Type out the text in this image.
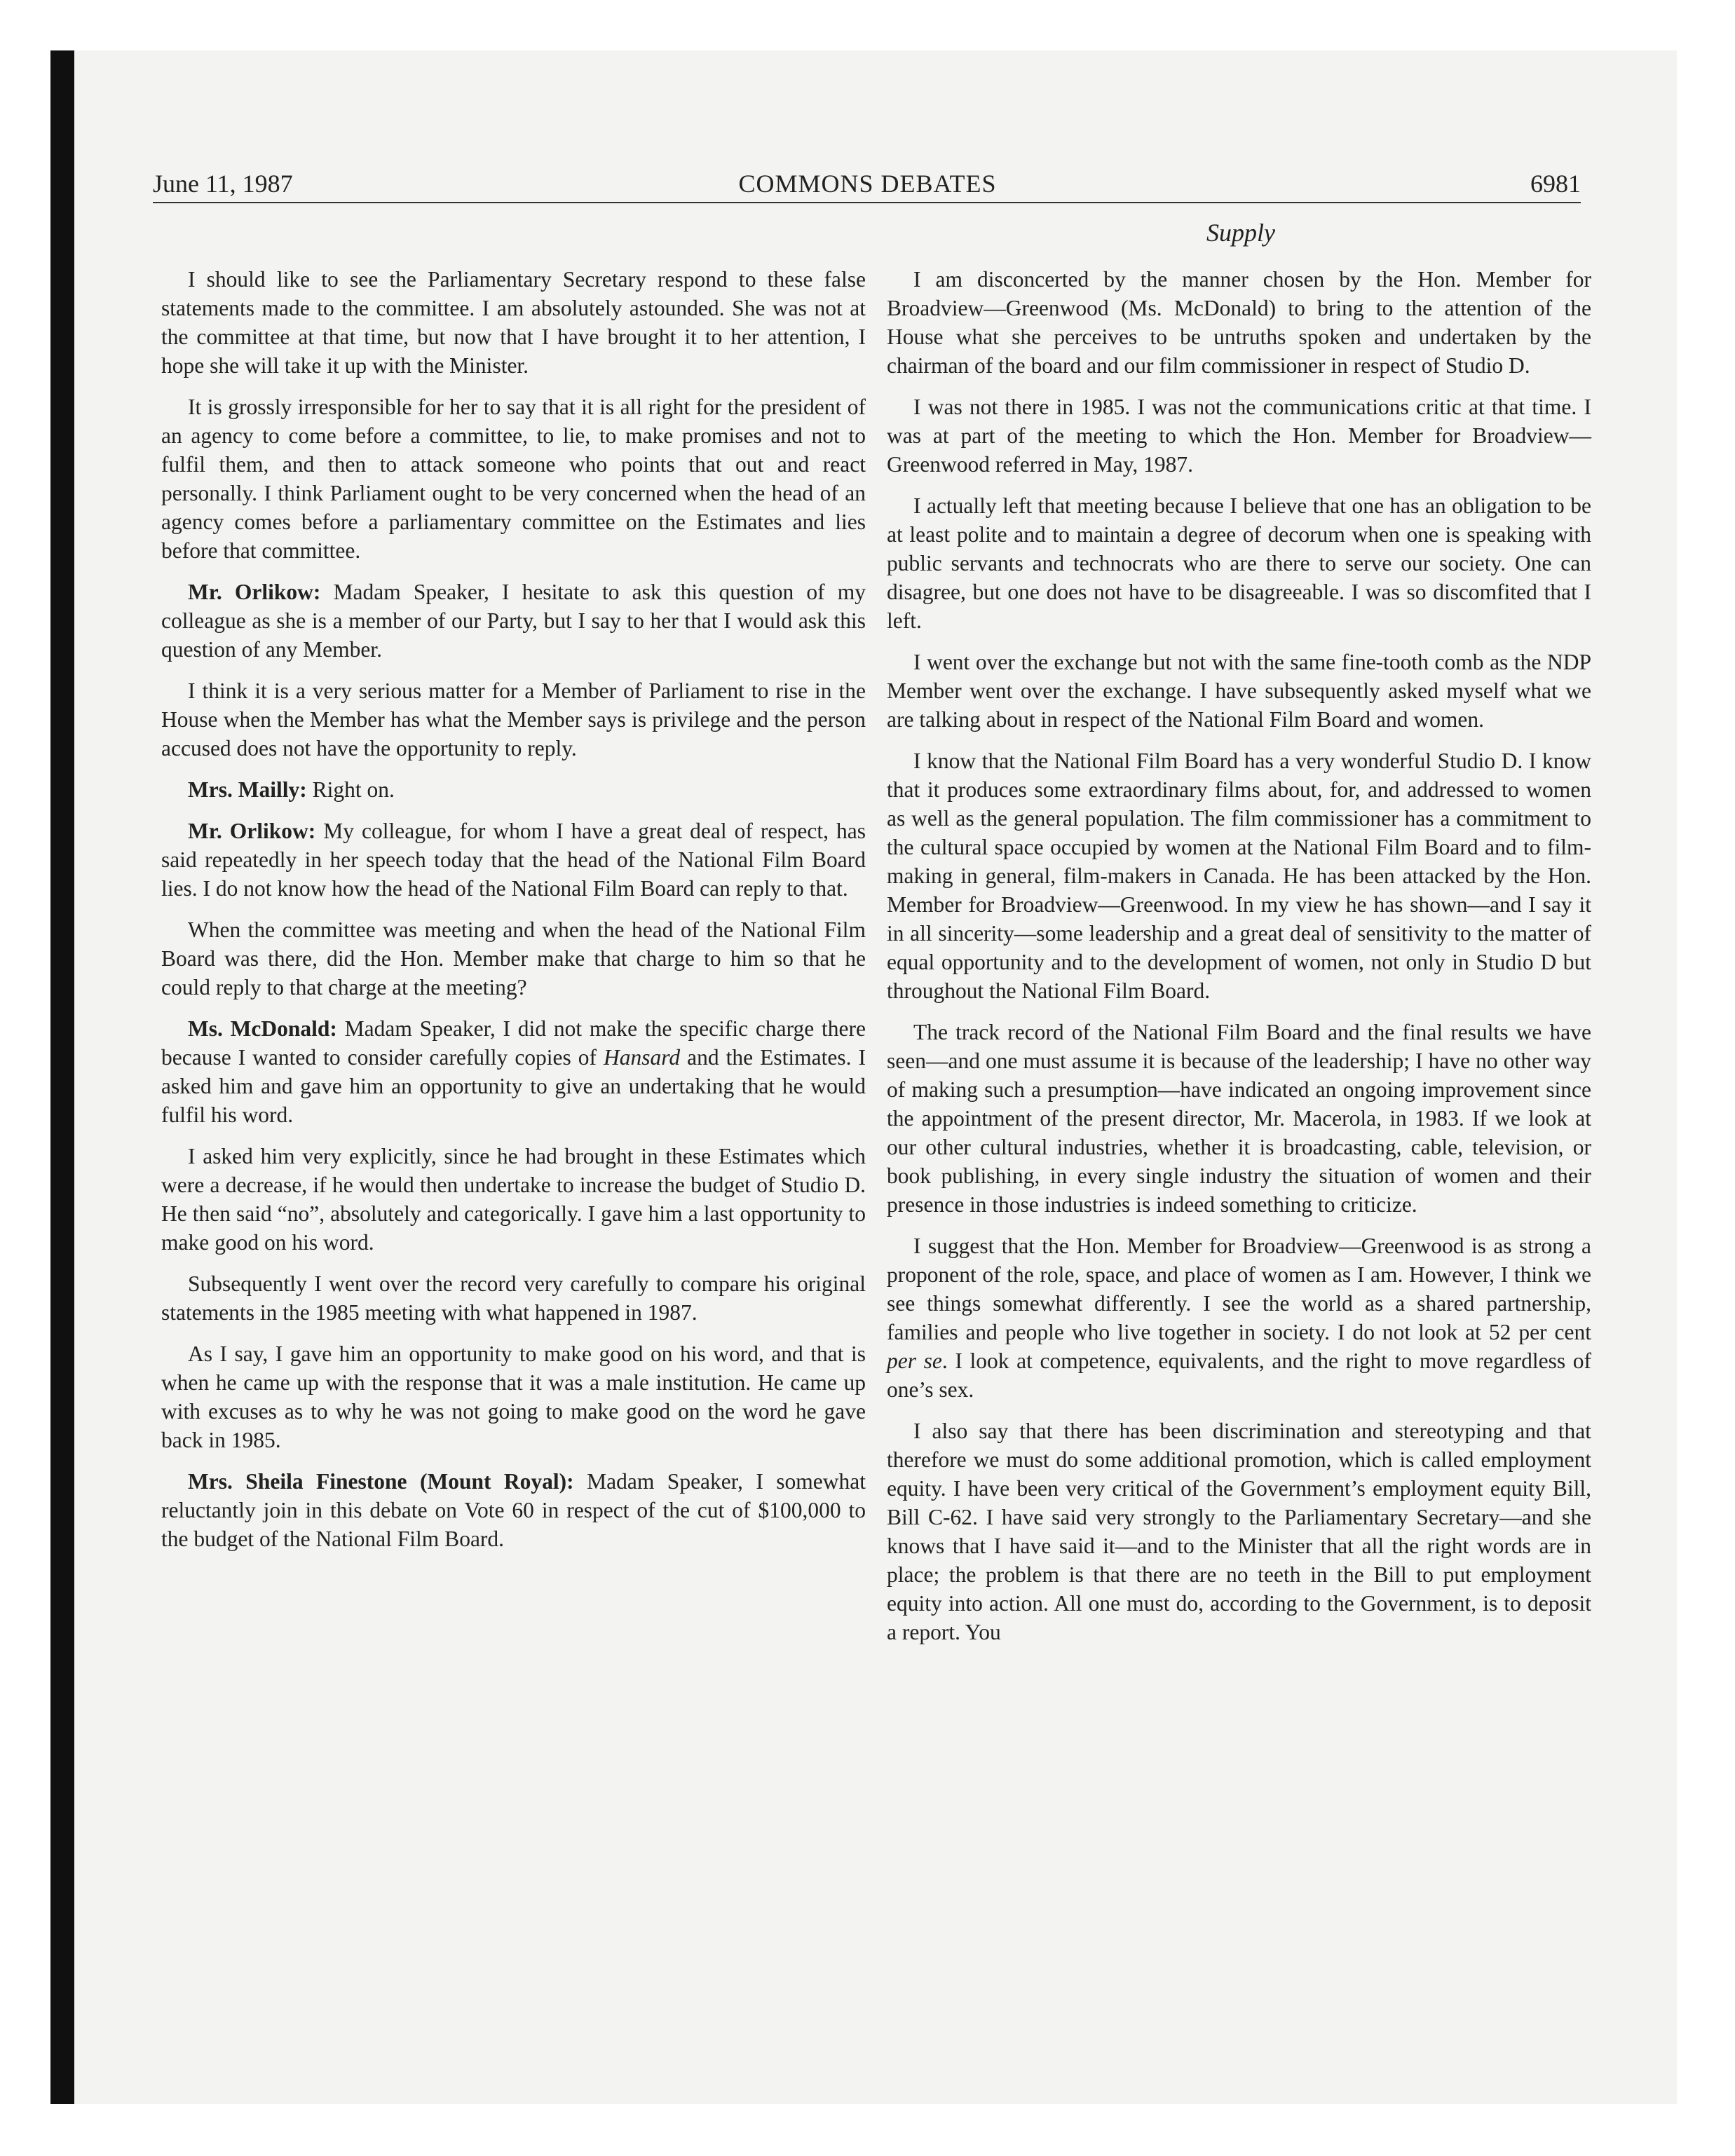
June 11, 1987	COMMONS DEBATES	6981
Supply

I should like to see the Parliamentary Secretary respond to these false statements made to the committee. I am absolutely astounded. She was not at the committee at that time, but now that I have brought it to her attention, I hope she will take it up with the Minister.

It is grossly irresponsible for her to say that it is all right for the president of an agency to come before a committee, to lie, to make promises and not to fulfil them, and then to attack someone who points that out and react personally. I think Parliament ought to be very concerned when the head of an agency comes before a parliamentary committee on the Estimates and lies before that committee.

Mr. Orlikow: Madam Speaker, I hesitate to ask this question of my colleague as she is a member of our Party, but I say to her that I would ask this question of any Member.

I think it is a very serious matter for a Member of Parliament to rise in the House when the Member has what the Member says is privilege and the person accused does not have the opportunity to reply.

Mrs. Mailly: Right on.

Mr. Orlikow: My colleague, for whom I have a great deal of respect, has said repeatedly in her speech today that the head of the National Film Board lies. I do not know how the head of the National Film Board can reply to that.

When the committee was meeting and when the head of the National Film Board was there, did the Hon. Member make that charge to him so that he could reply to that charge at the meeting?

Ms. McDonald: Madam Speaker, I did not make the specific charge there because I wanted to consider carefully copies of Hansard and the Estimates. I asked him and gave him an opportunity to give an undertaking that he would fulfil his word.

I asked him very explicitly, since he had brought in these Estimates which were a decrease, if he would then undertake to increase the budget of Studio D. He then said “no”, absolutely and categorically. I gave him a last opportunity to make good on his word.

Subsequently I went over the record very carefully to compare his original statements in the 1985 meeting with what happened in 1987.

As I say, I gave him an opportunity to make good on his word, and that is when he came up with the response that it was a male institution. He came up with excuses as to why he was not going to make good on the word he gave back in 1985.

Mrs. Sheila Finestone (Mount Royal): Madam Speaker, I somewhat reluctantly join in this debate on Vote 60 in respect of the cut of $100,000 to the budget of the National Film Board.

I am disconcerted by the manner chosen by the Hon. Member for Broadview—Greenwood (Ms. McDonald) to bring to the attention of the House what she perceives to be untruths spoken and undertaken by the chairman of the board and our film commissioner in respect of Studio D.

I was not there in 1985. I was not the communications critic at that time. I was at part of the meeting to which the Hon. Member for Broadview—Greenwood referred in May, 1987.

I actually left that meeting because I believe that one has an obligation to be at least polite and to maintain a degree of decorum when one is speaking with public servants and technocrats who are there to serve our society. One can disagree, but one does not have to be disagreeable. I was so discomfited that I left.

I went over the exchange but not with the same fine-tooth comb as the NDP Member went over the exchange. I have subsequently asked myself what we are talking about in respect of the National Film Board and women.

I know that the National Film Board has a very wonderful Studio D. I know that it produces some extraordinary films about, for, and addressed to women as well as the general population. The film commissioner has a commitment to the cultural space occupied by women at the National Film Board and to film-making in general, film-makers in Canada. He has been attacked by the Hon. Member for Broadview—Greenwood. In my view he has shown—and I say it in all sincerity—some leadership and a great deal of sensitivity to the matter of equal opportunity and to the development of women, not only in Studio D but throughout the National Film Board.

The track record of the National Film Board and the final results we have seen—and one must assume it is because of the leadership; I have no other way of making such a presumption—have indicated an ongoing improvement since the appointment of the present director, Mr. Macerola, in 1983. If we look at our other cultural industries, whether it is broadcasting, cable, television, or book publishing, in every single industry the situation of women and their presence in those industries is indeed something to criticize.

I suggest that the Hon. Member for Broadview—Greenwood is as strong a proponent of the role, space, and place of women as I am. However, I think we see things somewhat differently. I see the world as a shared partnership, families and people who live together in society. I do not look at 52 per cent per se. I look at competence, equivalents, and the right to move regardless of one’s sex.

I also say that there has been discrimination and stereotyping and that therefore we must do some additional promotion, which is called employment equity. I have been very critical of the Government’s employment equity Bill, Bill C-62. I have said very strongly to the Parliamentary Secretary—and she knows that I have said it—and to the Minister that all the right words are in place; the problem is that there are no teeth in the Bill to put employment equity into action. All one must do, according to the Government, is to deposit a report. You
